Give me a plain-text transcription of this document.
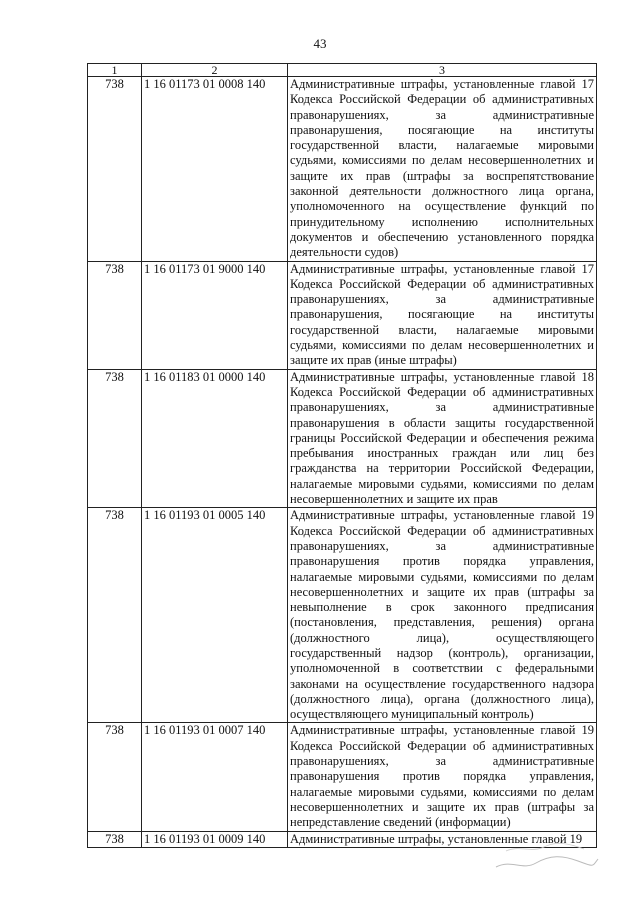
43
1	2	3
738	1 16 01173 01 0008 140	Административные штрафы, установленные главой 17 Кодекса Российской Федерации об административных правонарушениях, за административные правонарушения, посягающие на институты государственной власти, налагаемые мировыми судьями, комиссиями по делам несовершеннолетних и защите их прав (штрафы за воспрепятствование законной деятельности должностного лица органа, уполномоченного на осуществление функций по принудительному исполнению исполнительных документов и обеспечению установленного порядка деятельности судов)
738	1 16 01173 01 9000 140	Административные штрафы, установленные главой 17 Кодекса Российской Федерации об административных правонарушениях, за административные правонарушения, посягающие на институты государственной власти, налагаемые мировыми судьями, комиссиями по делам несовершеннолетних и защите их прав (иные штрафы)
738	1 16 01183 01 0000 140	Административные штрафы, установленные главой 18 Кодекса Российской Федерации об административных правонарушениях, за административные правонарушения в области защиты государственной границы Российской Федерации и обеспечения режима пребывания иностранных граждан или лиц без гражданства на территории Российской Федерации, налагаемые мировыми судьями, комиссиями по делам несовершеннолетних и защите их прав
738	1 16 01193 01 0005 140	Административные штрафы, установленные главой 19 Кодекса Российской Федерации об административных правонарушениях, за административные правонарушения против порядка управления, налагаемые мировыми судьями, комиссиями по делам несовершеннолетних и защите их прав (штрафы за невыполнение в срок законного предписания (постановления, представления, решения) органа (должностного лица), осуществляющего государственный надзор (контроль), организации, уполномоченной в соответствии с федеральными законами на осуществление государственного надзора (должностного лица), органа (должностного лица), осуществляющего муниципальный контроль)
738	1 16 01193 01 0007 140	Административные штрафы, установленные главой 19 Кодекса Российской Федерации об административных правонарушениях, за административные правонарушения против порядка управления, налагаемые мировыми судьями, комиссиями по делам несовершеннолетних и защите их прав (штрафы за непредставление сведений (информации)
738	1 16 01193 01 0009 140	Административные штрафы, установленные главой 19
